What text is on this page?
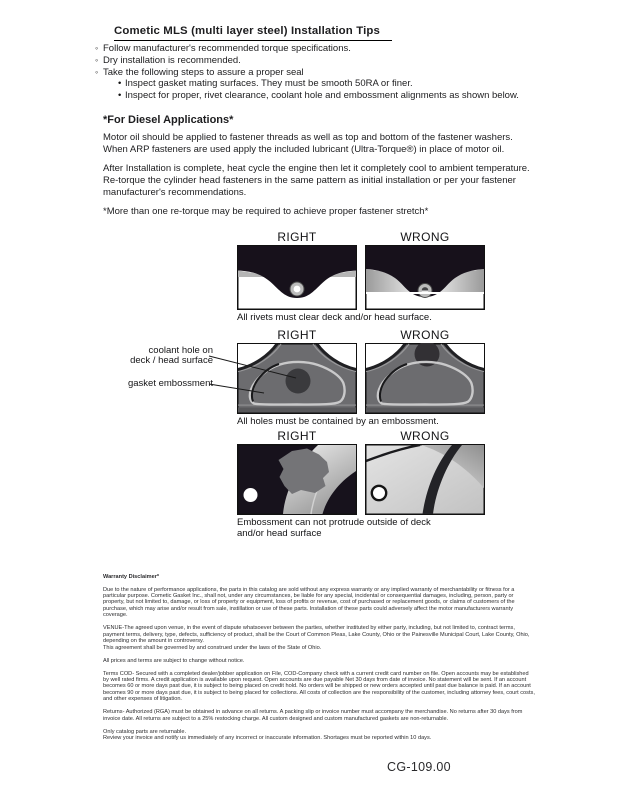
Cometic MLS (multi layer steel) Installation Tips
◦ Follow manufacturer's recommended torque specifications.
◦ Dry installation is recommended.
◦ Take the following steps to assure a proper seal
• Inspect gasket mating surfaces. They must be smooth 50RA or finer.
• Inspect for proper, rivet clearance, coolant hole and embossment alignments as shown below.
*For Diesel Applications*

Motor oil should be applied to fastener threads as well as top and bottom of the fastener washers. When ARP fasteners are used apply the included lubricant (Ultra-Torque®) in place of motor oil.

After Installation is complete, heat cycle the engine then let it completely cool to ambient temperature. Re-torque the cylinder head fasteners in the same pattern as initial installation or per your fastener manufacturer's recommendations.

*More than one re-torque may be required to achieve proper fastener stretch*

RIGHT	WRONG
All rivets must clear deck and/or head surface.
RIGHT	WRONG
coolant hole on
deck / head surface
gasket embossment
All holes must be contained by an embossment.
RIGHT	WRONG
Embossment can not protrude outside of deck and/or head surface
Warranty Disclaimer*

Due to the nature of performance applications, the parts in this catalog are sold without any express warranty or any implied warranty of merchantability or fitness for a particular purpose. Cometic Gasket Inc., shall not, under any circumstances, be liable for any special, incidental or consequential damages, including, person, party or property, but not limited to, damage, or loss of property or equipment, loss of profits or revenue, cost of purchased or replacement goods, or claims of customers of the purchase, which may arise and/or result from sale, instillation or use of these parts. Installation of these parts could adversely affect the motor manufacturers warranty coverage.

VENUE-The agreed upon venue, in the event of dispute whatsoever between the parties, whether instituted by either party, including, but not limited to, contract terms, payment terms, delivery, type, defects, sufficiency of product, shall be the Court of Common Pleas, Lake County, Ohio or the Painesville Municipal Court, Lake County, Ohio, depending on the amount in controversy.

This agreement shall be governed by and construed under the laws of the State of Ohio.

All prices and terms are subject to change without notice.

Terms COD- Secured with a completed dealer/jobber application on File, COD-Company check with a current credit card number on file. Open accounts may be established by well rated firms. A credit application is available upon request. Open accounts are due payable Net 30 days from date of invoice. No statement will be sent. If an account becomes 60 or more days past due, it is subject to being placed on credit hold. No orders will be shipped or new orders accepted until past due balance is paid. If an account becomes 90 or more days past due, it is subject to being placed for collections. All costs of collection are the responsibility of the customer, including attorney fees, court costs, and other expenses of litigation.

Returns- Authorized (RGA) must be obtained in advance on all returns. A packing slip or invoice number must accompany the merchandise. No returns after 30 days from invoice date. All returns are subject to a 25% restocking charge. All custom designed and custom manufactured gaskets are non-returnable.

Only catalog parts are returnable.

Review your invoice and notify us immediately of any incorrect or inaccurate information. Shortages must be reported within 10 days.

CG-109.00
